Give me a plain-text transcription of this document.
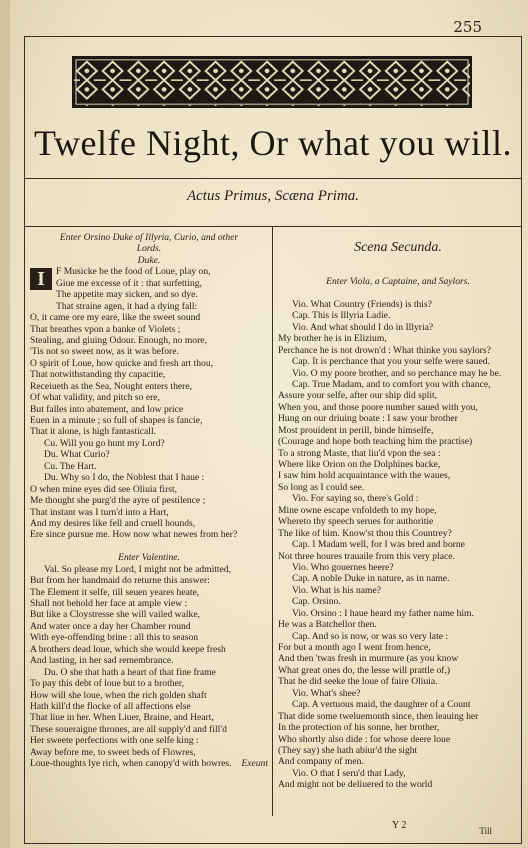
255
Twelfe Night, Or what you will.
Actus Primus, Scæna Prima.
Enter Orsino Duke of Illyria, Curio, and other
Lords.
Duke.
I	F Musicke be the food of Loue, play on,
Giue me excesse of it : that surfetting,
The appetite may sicken, and so dye.
That straine agen, it had a dying fall:
O, it came ore my eare, like the sweet sound
That breathes vpon a banke of Violets ;
Stealing, and giuing Odour. Enough, no more,
'Tis not so sweet now, as it was before.
O spirit of Loue, how quicke and fresh art thou,
That notwithstanding thy capacitie,
Receiueth as the Sea, Nought enters there,
Of what validity, and pitch so ere,
But falles into abatement, and low price
Euen in a minute ; so full of shapes is fancie,
That it alone, is high fantasticall.
Cu. Will you go hunt my Lord?
Du. What Curio?
Cu. The Hart.
Du. Why so I do, the Noblest that I haue :
O when mine eyes did see Oliuia first,
Me thought she purg'd the ayre of pestilence ;
That instant was I turn'd into a Hart,
And my desires like fell and cruell hounds,
Ere since pursue me. How now what newes from her?
Enter Valentine.
Val. So please my Lord, I might not be admitted,
But from her handmaid do returne this answer:
The Element it selfe, till seuen yeares heate,
Shall not behold her face at ample view :
But like a Cloystresse she will vailed walke,
And water once a day her Chamber round
With eye-offending brine : all this to season
A brothers dead loue, which she would keepe fresh
And lasting, in her sad remembrance.
Du. O she that hath a heart of that fine frame
To pay this debt of loue but to a brother,
How will she loue, when the rich golden shaft
Hath kill'd the flocke of all affections else
That liue in her. When Liuer, Braine, and Heart,
These soueraigne thrones, are all supply'd and fill'd
Her sweete perfections with one selfe king :
Away before me, to sweet beds of Flowres,
Loue-thoughts lye rich, when canopy'd with bowres.	Exeunt
Scena Secunda.
Enter Viola, a Captaine, and Saylors.
Vio. What Country (Friends) is this?
Cap. This is Illyria Ladie.
Vio. And what should I do in Illyria?
My brother he is in Elizium,
Perchance he is not drown'd : What thinke you saylors?
Cap. It is perchance that you your selfe were saued.
Vio. O my poore brother, and so perchance may he be.
Cap. True Madam, and to comfort you with chance,
Assure your selfe, after our ship did split,
When you, and those poore number saued with you,
Hung on our driuing boate : I saw your brother
Most prouident in perill, binde himselfe,
(Courage and hope both teaching him the practise)
To a strong Maste, that liu'd vpon the sea :
Where like Orion on the Dolphines backe,
I saw him hold acquaintance with the waues,
So long as I could see.
Vio. For saying so, there's Gold :
Mine owne escape vnfoldeth to my hope,
Whereto thy speech serues for authoritie
The like of him. Know'st thou this Countrey?
Cap. I Madam well, for I was bred and borne
Not three houres trauaile from this very place.
Vio. Who gouernes heere?
Cap. A noble Duke in nature, as in name.
Vio. What is his name?
Cap. Orsino.
Vio. Orsino : I haue heard my father name him.
He was a Batchellor then.
Cap. And so is now, or was so very late :
For but a month ago I went from hence,
And then 'twas fresh in murmure (as you know
What great ones do, the lesse will prattle of,)
That he did seeke the loue of faire Oliuia.
Vio. What's shee?
Cap. A vertuous maid, the daughter of a Count
That dide some tweluemonth since, then leauing her
In the protection of his sonne, her brother,
Who shortly also dide : for whose deere loue
(They say) she hath abiur'd the sight
And company of men.
Vio. O that I seru'd that Lady,
And might not be deliuered to the world
Y 2	Till
